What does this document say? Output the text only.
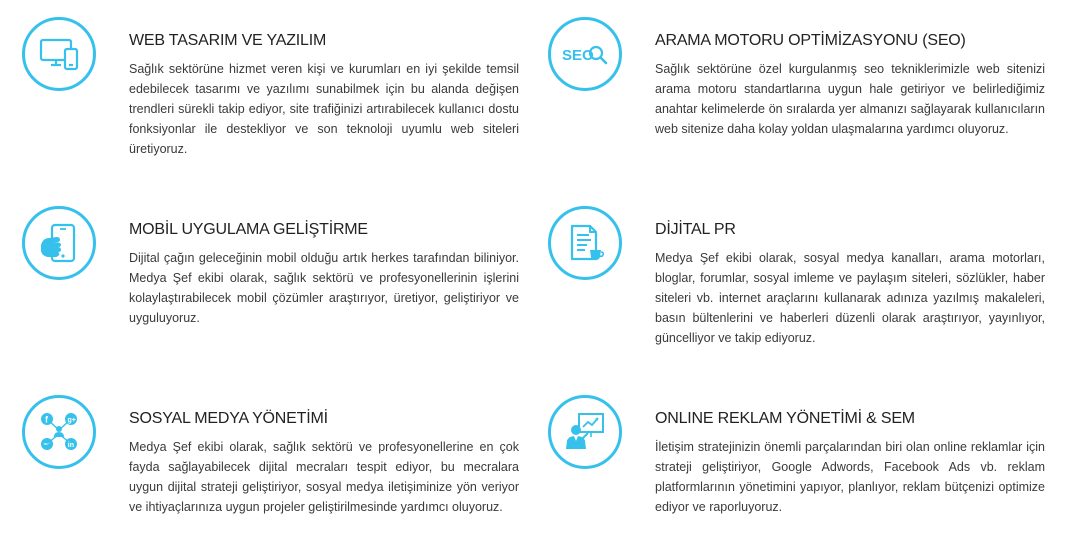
WEB TASARIM VE YAZILIM

Sağlık sektörüne hizmet veren kişi ve kurumları en iyi şekilde temsil edebilecek tasarımı ve yazılımı sunabilmek için bu alanda değişen trendleri sürekli takip ediyor, site trafiğinizi artırabilecek kullanıcı dostu fonksiyonlar ile destekliyor ve son teknoloji uyumlu web siteleri üretiyoruz.

SEO
ARAMA MOTORU OPTİMİZASYONU (SEO)

Sağlık sektörüne özel kurgulanmış seo tekniklerimizle web sitenizi arama motoru standartlarına uygun hale getiriyor ve belirlediğimiz anahtar kelimelerde ön sıralarda yer almanızı sağlayarak kullanıcıların web sitenize daha kolay yoldan ulaşmalarına yardımcı oluyoruz.

MOBİL UYGULAMA GELİŞTİRME

Dijital çağın geleceğinin mobil olduğu artık herkes tarafından biliniyor. Medya Şef ekibi olarak, sağlık sektörü ve profesyonellerinin işlerini kolaylaştırabilecek mobil çözümler araştırıyor, üretiyor, geliştiriyor ve uyguluyoruz.

DİJİTAL PR

Medya Şef ekibi olarak, sosyal medya kanalları, arama motorları, bloglar, forumlar, sosyal imleme ve paylaşım siteleri, sözlükler, haber siteleri vb. internet araçlarını kullanarak adınıza yazılmış makaleleri, basın bültenlerini ve haberleri düzenli olarak araştırıyor, yayınlıyor, güncelliyor ve takip ediyoruz.

f	g+
in
SOSYAL MEDYA YÖNETİMİ

Medya Şef ekibi olarak, sağlık sektörü ve profesyonellerine en çok fayda sağlayabilecek dijital mecraları tespit ediyor, bu mecralara uygun dijital strateji geliştiriyor, sosyal medya iletişiminize yön veriyor ve ihtiyaçlarınıza uygun projeler geliştirilmesinde yardımcı oluyoruz.

ONLINE REKLAM YÖNETİMİ & SEM

İletişim stratejinizin önemli parçalarından biri olan online reklamlar için strateji geliştiriyor, Google Adwords, Facebook Ads vb. reklam platformlarının yönetimini yapıyor, planlıyor, reklam bütçenizi optimize ediyor ve raporluyoruz.
